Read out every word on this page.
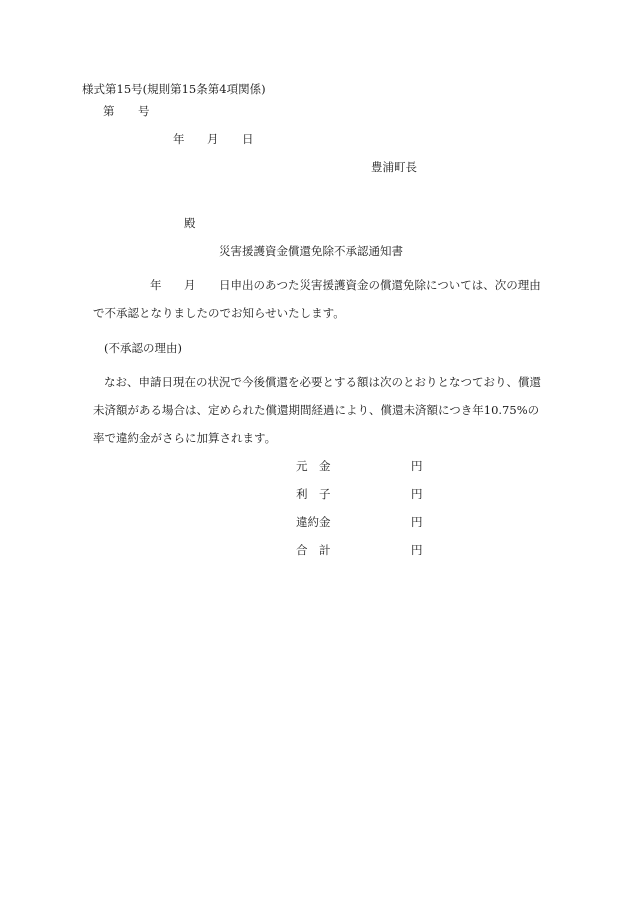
様式第15号(規則第15条第4項関係)
第 号
年 月 日
豊浦町長
殿
災害援護資金償還免除不承認通知書
年 月 日申出のあつた災害援護資金の償還免除については、次の理由
で不承認となりましたのでお知らせいたします。
(不承認の理由)
なお、申請日現在の状況で今後償還を必要とする額は次のとおりとなつており、償還
未済額がある場合は、定められた償還期間経過により、償還未済額につき年10.75%の
率で違約金がさらに加算されます。
元 金	円
利 子	円
違約金	円
合 計	円
